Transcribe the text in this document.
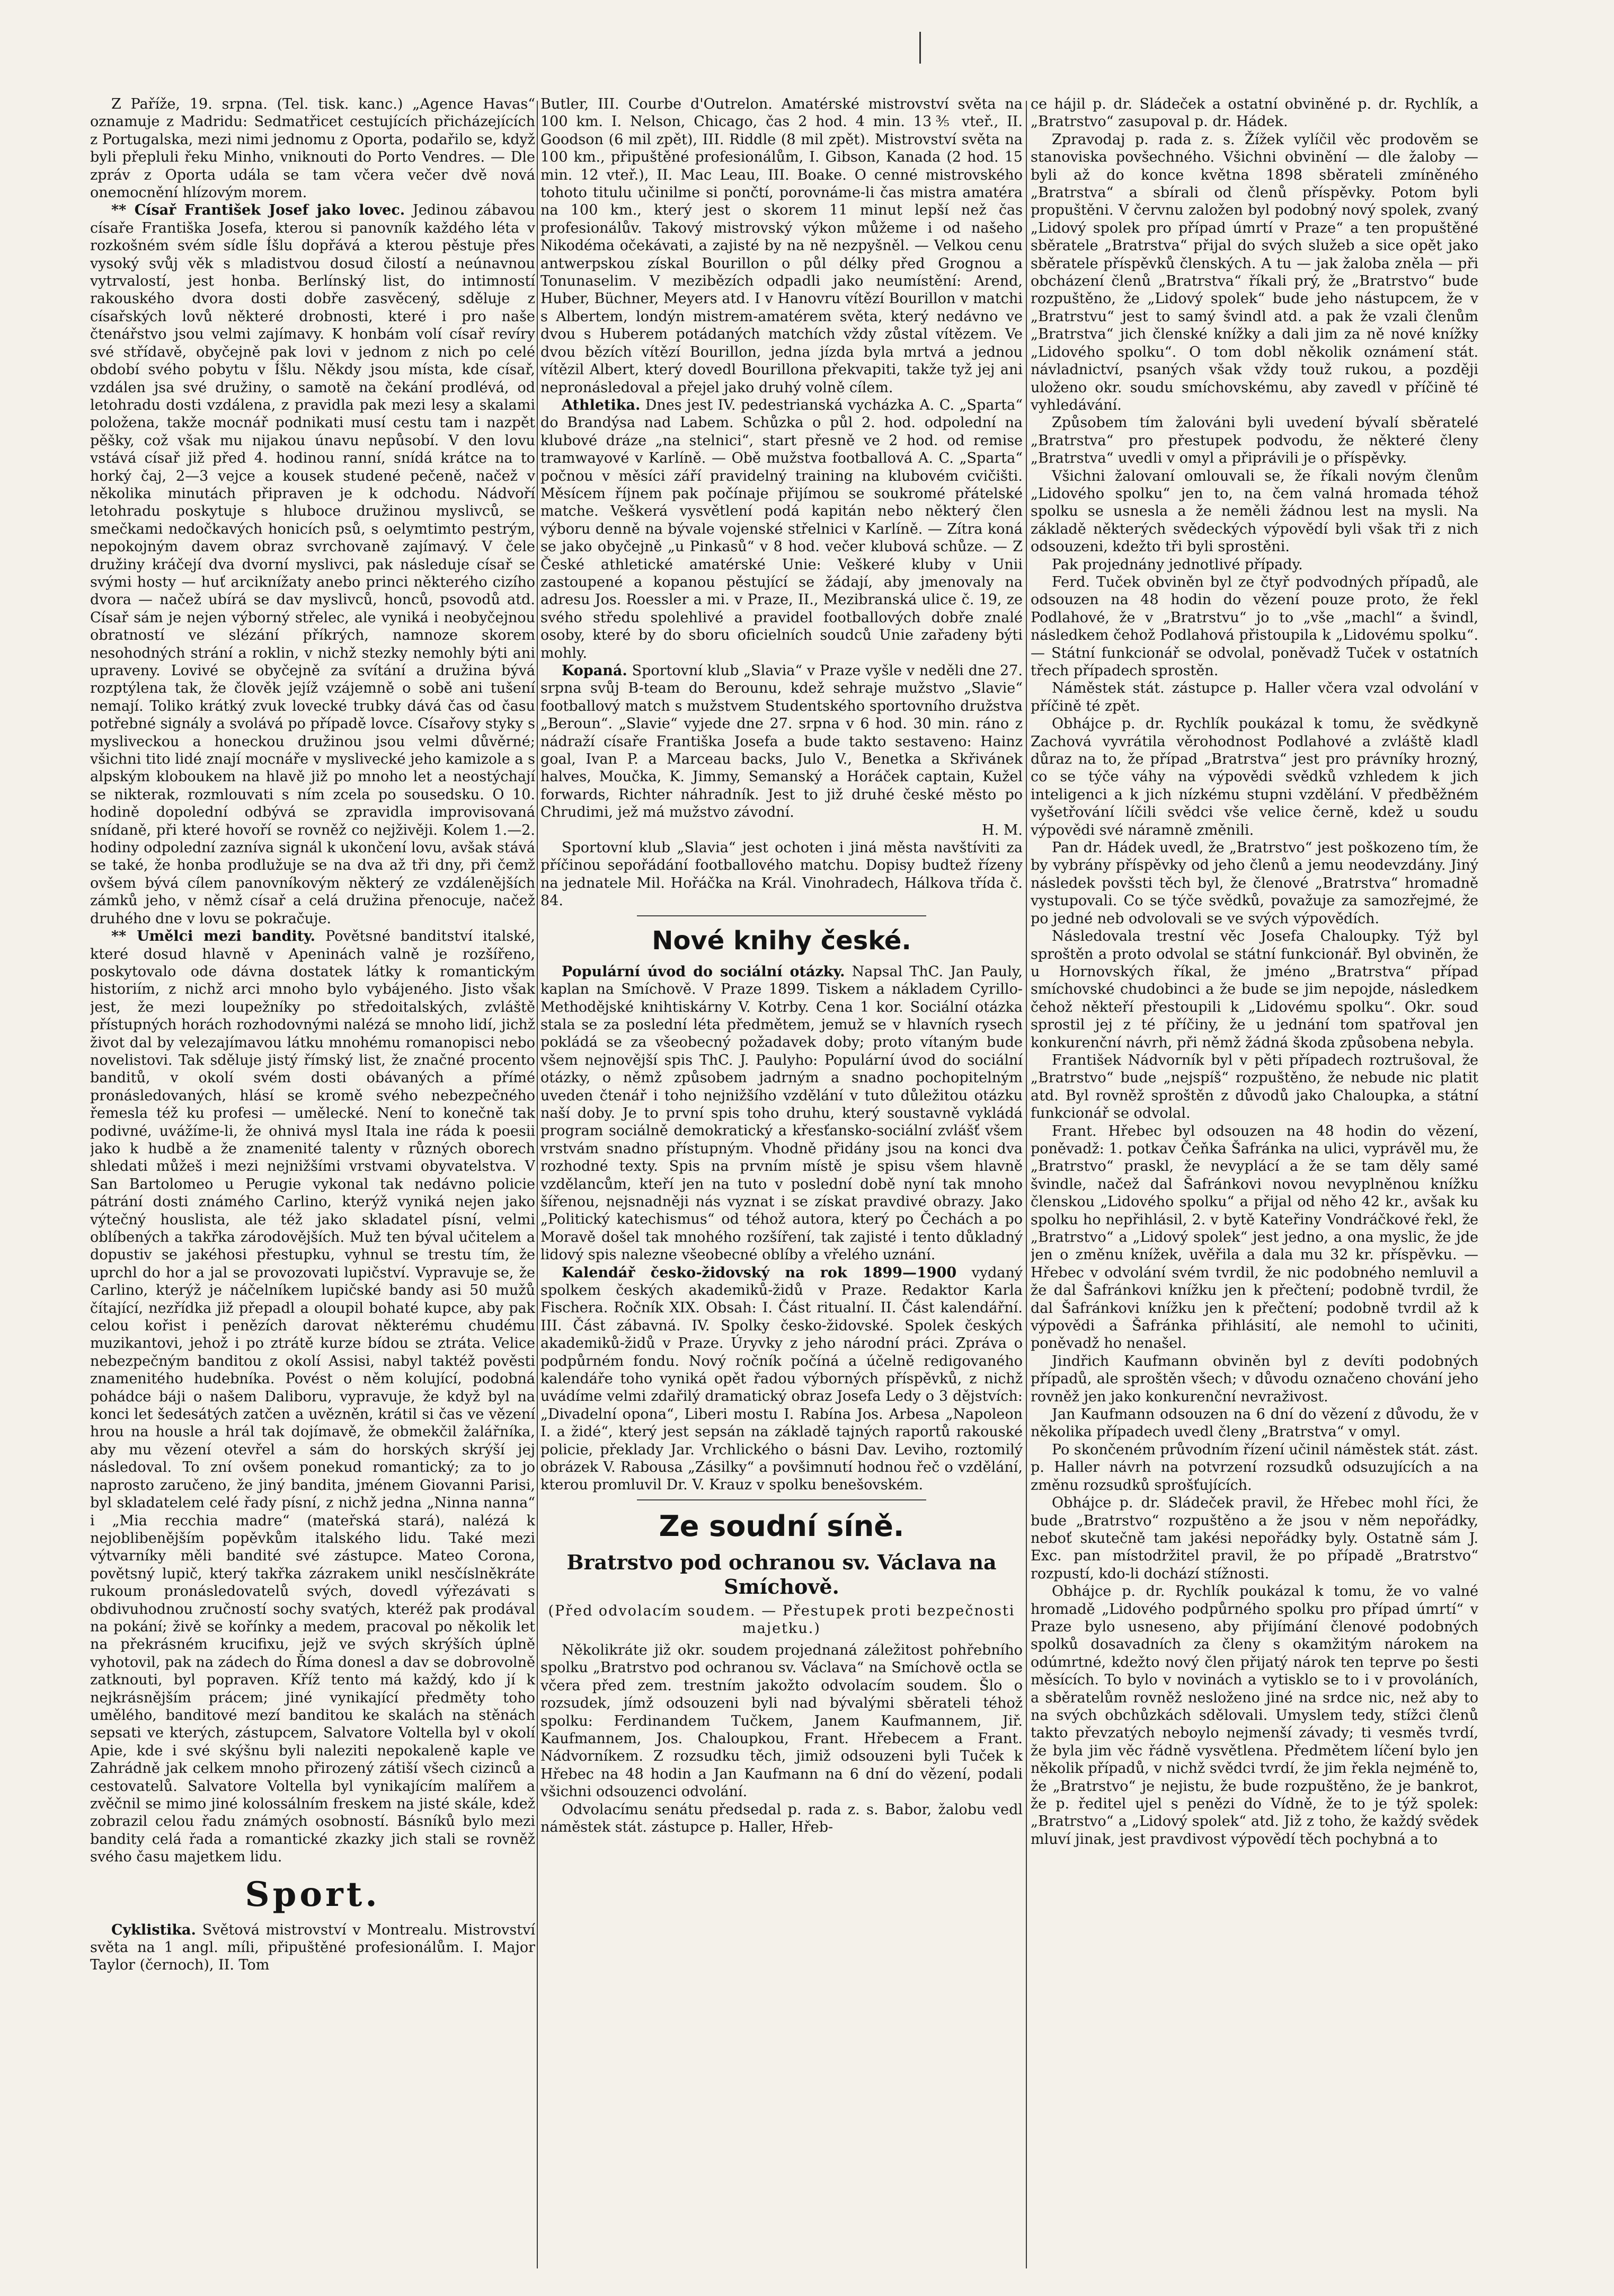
Z Paříže, 19. srpna. (Tel. tisk. kanc.) „Agence Havas“ oznamuje z Madridu: Sedmatřicet cestujících přicházejících z Portugalska, mezi nimi jednomu z Oporta, podařilo se, když byli přepluli řeku Minho, vniknouti do Porto Vendres. — Dle zpráv z Oporta udála se tam včera večer dvě nová onemocnění hlízovým morem.

** Císař František Josef jako lovec. Jedinou zábavou císaře Františka Josefa, kterou si panovník každého léta v rozkošném svém sídle Íšlu dopřává a kterou pěstuje přes vysoký svůj věk s mladistvou dosud čilostí a neúnavnou vytrvalostí, jest honba. Berlínský list, do intimností rakouského dvora dosti dobře zasvěcený, sděluje z císařských lovů některé drobnosti, které i pro naše čtenářstvo jsou velmi zajímavy. K honbám volí císař revíry své střídavě, obyčejně pak lovi v jednom z nich po celé období svého pobytu v Íšlu. Někdy jsou místa, kde císař, vzdálen jsa své družiny, o samotě na čekání prodlévá, od letohradu dosti vzdálena, z pravidla pak mezi lesy a skalami položena, takže mocnář podnikati musí cestu tam i nazpět pěšky, což však mu nijakou únavu nepůsobí. V den lovu vstává císař již před 4. hodinou ranní, snídá krátce na to horký čaj, 2—3 vejce a kousek studené pečeně, načež v několika minutách připraven je k odchodu. Nádvoří letohradu poskytuje s hluboce družinou myslivců, se smečkami nedočkavých honicích psů, s oelymtimto pestrým, nepokojným davem obraz svrchovaně zajímavý. V čele družiny kráčejí dva dvorní myslivci, pak následuje císař se svými hosty — huť arciknížaty anebo princi některého cizího dvora — načež ubírá se dav myslivců, honců, psovodů atd. Císař sám je nejen výborný střelec, ale vyniká i neobyčejnou obratností ve slézání příkrých, namnoze skorem nesohodných strání a roklin, v nichž stezky nemohly býti ani upraveny. Lovivé se obyčejně za svítání a družina bývá rozptýlena tak, že člověk jejíž vzájemně o sobě ani tušení nemají. Toliko krátký zvuk lovecké trubky dává čas od času potřebné signály a svolává po případě lovce. Císařovy styky s mysliveckou a honeckou družinou jsou velmi důvěrné; všichni tito lidé znají mocnáře v myslivecké jeho kamizole a s alpským kloboukem na hlavě již po mnoho let a neostýchají se nikterak, rozmlouvati s ním zcela po sousedsku. O 10. hodině dopolední odbývá se zpravidla improvisovaná snídaně, při které hovoří se rovněž co nejživěji. Kolem 1.—2. hodiny odpolední zazníva signál k ukončení lovu, avšak stává se také, že honba prodlužuje se na dva až tři dny, při čemž ovšem bývá cílem panovníkovým některý ze vzdálenějších zámků jeho, v němž císař a celá družina přenocuje, načež druhého dne v lovu se pokračuje.

** Umělci mezi bandity. Povětsné banditství italské, které dosud hlavně v Apeninách valně je rozšířeno, poskytovalo ode dávna dostatek látky k romantickým historiím, z nichž arci mnoho bylo vybájeného. Jisto však jest, že mezi loupežníky po středoitalských, zvláště přístupných horách rozhodovnými nalézá se mnoho lidí, jichž život dal by velezajímavou látku mnohému romanopisci nebo novelistovi. Tak sděluje jistý římský list, že značné procento banditů, v okolí svém dosti obávaných a přímé pronásledovaných, hlásí se kromě svého nebezpečného řemesla též ku profesi — umělecké. Není to konečně tak podivné, uvážíme-li, že ohnivá mysl Itala ine ráda k poesii jako k hudbě a že znamenité talenty v různých oborech shledati můžeš i mezi nejnižšími vrstvami obyvatelstva. V San Bartolomeo u Perugie vykonal tak nedávno policie pátrání dosti známého Carlino, kterýž vyniká nejen jako výtečný houslista, ale též jako skladatel písní, velmi oblíbených a takřka zárodovějších. Muž ten býval učitelem a dopustiv se jakéhosi přestupku, vyhnul se trestu tím, že uprchl do hor a jal se provozovati lupičství. Vypravuje se, že Carlino, kterýž je náčelníkem lupičské bandy asi 50 mužů čítající, nezřídka již přepadl a oloupil bohaté kupce, aby pak celou kořist i penězích darovat některému chudému muzikantovi, jehož i po ztrátě kurze bídou se ztráta. Velice nebezpečným banditou z okolí Assisi, nabyl taktéž pověsti znamenitého hudebníka. Povést o něm kolující, podobná pohádce báji o našem Daliboru, vypravuje, že když byl na konci let šedesátých zatčen a uvězněn, krátil si čas ve vězení hrou na housle a hrál tak dojímavě, že obmekčil žalářníka, aby mu vězení otevřel a sám do horských skrýší jej následoval. To zní ovšem ponekud romantický; za to jo naprosto zaručeno, že jiný bandita, jménem Giovanni Parisi, byl skladatelem celé řady písní, z nichž jedna „Ninna nanna“ i „Mia recchia madre“ (mateřská stará), nalézá k nejoblibenějším popěvkům italského lidu. Také mezi výtvarníky měli bandité své zástupce. Mateo Corona, povětsný lupič, který takřka zázrakem unikl nesčíslněkráte rukoum pronásledovatelů svých, dovedl výřezávati s obdivuhodnou zručností sochy svatých, kteréž pak prodával na pokání; živě se kořínky a medem, pracoval po několik let na překrásném krucifixu, jejž ve svých skrýších úplně vyhotovil, pak na zádech do Říma donesl a dav se dobrovolně zatknouti, byl popraven. Kříž tento má každý, kdo jí k nejkrásnějším prácem; jiné vynikající předměty toho umělého, banditové mezí banditou ke skalách na stěnách sepsati ve kterých, zástupcem, Salvatore Voltella byl v okolí Apie, kde i své skýšnu byli naleziti nepokaleně kaple ve Zahrádně jak celkem mnoho přirozený zátiší všech cizinců a cestovatelů. Salvatore Voltella byl vynikajícím malířem a zvěčnil se mimo jiné kolossálním freskem na jisté skále, kdež zobrazil celou řadu známých osobností. Básníků bylo mezi bandity celá řada a romantické zkazky jich stali se rovněž svého času majetkem lidu.

Sport.

Cyklistika. Světová mistrovství v Montrealu. Mistrovství světa na 1 angl. míli, připuštěné profesionálům. I. Major Taylor (černoch), II. Tom

Butler, III. Courbe d'Outrelon. Amatérské mistrovství světa na 100 km. I. Nelson, Chicago, čas 2 hod. 4 min. 13⅗ vteř., II. Goodson (6 mil zpět), III. Riddle (8 mil zpět). Mistrovství světa na 100 km., připuštěné profesionálům, I. Gibson, Kanada (2 hod. 15 min. 12 vteř.), II. Mac Leau, III. Boake. O cenné mistrovského tohoto titulu učinilme si pončtí, porovnáme-li čas mistra amatéra na 100 km., který jest o skorem 11 minut lepší než čas profesionálův. Takový mistrovský výkon můžeme i od našeho Nikodéma očekávati, a zajisté by na ně nezpyšněl. — Velkou cenu antwerpskou získal Bourillon o půl délky před Grognou a Tonunaselim. V mezibězích odpadli jako neumístění: Arend, Huber, Büchner, Meyers atd. I v Hanovru vítězí Bourillon v matchi s Albertem, londýn mistrem-amatérem světa, který nedávno ve dvou s Huberem potádaných matchích vždy zůstal vítězem. Ve dvou bězích vítězí Bourillon, jedna jízda byla mrtvá a jednou vítězil Albert, který dovedl Bourillona překvapiti, takže tyž jej ani nepronásledoval a přejel jako druhý volně cílem.

Athletika. Dnes jest IV. pedestrianská vycházka A. C. „Sparta“ do Brandýsa nad Labem. Schůzka o půl 2. hod. odpolední na klubové dráze „na stelnici“, start přesně ve 2 hod. od remise tramwayové v Karlíně. — Obě mužstva footballová A. C. „Sparta“ počnou v měsíci září pravidelný training na klubovém cvičišti. Měsícem říjnem pak počínaje přijímou se soukromé přátelské matche. Veškerá vysvětlení podá kapitán nebo některý člen výboru denně na bývale vojenské střelnici v Karlíně. — Zítra koná se jako obyčejně „u Pinkasů“ v 8 hod. večer klubová schůze. — Z České athletické amatérské Unie: Veškeré kluby v Unii zastoupené a kopanou pěstující se žádají, aby jmenovaly na adresu Jos. Roessler a mi. v Praze, II., Mezibranská ulice č. 19, ze svého středu spolehlivé a pravidel footballových dobře znalé osoby, které by do sboru oficielních soudců Unie zařadeny býti mohly.

Kopaná. Sportovní klub „Slavia“ v Praze vyšle v neděli dne 27. srpna svůj B-team do Berounu, kdež sehraje mužstvo „Slavie“ footballový match s mužstvem Studentského sportovního družstva „Beroun“. „Slavie“ vyjede dne 27. srpna v 6 hod. 30 min. ráno z nádraží císaře Františka Josefa a bude takto sestaveno: Hainz goal, Ivan P. a Marceau backs, Julo V., Benetka a Skřivánek halves, Moučka, K. Jimmy, Semanský a Horáček captain, Kužel forwards, Richter náhradník. Jest to již druhé české město po Chrudimi, jež má mužstvo závodní.

H. M.

Sportovní klub „Slavia“ jest ochoten i jiná města navštíviti za příčinou sepořádání footballového matchu. Dopisy budtež řízeny na jednatele Mil. Hořáčka na Král. Vinohradech, Hálkova třída č. 84.

Nové knihy české.

Populární úvod do sociální otázky. Napsal ThC. Jan Pauly, kaplan na Smíchově. V Praze 1899. Tiskem a nákladem Cyrillo-Methodějské knihtiskárny V. Kotrby. Cena 1 kor. Sociální otázka stala se za poslední léta předmětem, jemuž se v hlavních rysech pokládá se za všeobecný požadavek doby; proto vítaným bude všem nejnovější spis ThC. J. Paulyho: Populární úvod do sociální otázky, o němž způsobem jadrným a snadno pochopitelným uveden čtenář i toho nejnižšího vzdělání v tuto důležitou otázku naší doby. Je to první spis toho druhu, který soustavně vykládá program sociálně demokratický a křesťansko-sociální zvlášť všem vrstvám snadno přístupným. Vhodně přidány jsou na konci dva rozhodné texty. Spis na prvním místě je spisu všem hlavně vzdělancům, kteří jen na tuto v poslední době nyní tak mnoho šířenou, nejsnadněji nás vyznat i se získat pravdivé obrazy. Jako „Politický katechismus“ od téhož autora, který po Čechách a po Moravě došel tak mnohého rozšíření, tak zajisté i tento důkladný lidový spis nalezne všeobecné oblíby a vřelého uznání.

Kalendář česko-židovský na rok 1899—1900 vydaný spolkem českých akademiků-židů v Praze. Redaktor Karla Fischera. Ročník XIX. Obsah: I. Část ritualní. II. Část kalendářní. III. Část zábavná. IV. Spolky česko-židovské. Spolek českých akademiků-židů v Praze. Úryvky z jeho národní práci. Zpráva o podpůrném fondu. Nový ročník počíná a účelně redigovaného kalendáře toho vyniká opět řadou výborných příspěvků, z nichž uvádíme velmi zdařilý dramatický obraz Josefa Ledy o 3 dějstvích: „Divadelní opona“, Liberi mostu I. Rabína Jos. Arbesa „Napoleon I. a židé“, který jest sepsán na základě tajných raportů rakouské policie, překlady Jar. Vrchlického o básni Dav. Leviho, roztomilý obrázek V. Rabousa „Zásilky“ a povšimnutí hodnou řeč o vzdělání, kterou promluvil Dr. V. Krauz v spolku benešovském.

Ze soudní síně.
Bratrstvo pod ochranou sv. Václava na Smíchově.
(Před odvolacím soudem. — Přestupek proti bezpečnosti majetku.)

Několikráte již okr. soudem projednaná záležitost pohřebního spolku „Bratrstvo pod ochranou sv. Václava“ na Smíchově octla se včera před zem. trestním jakožto odvolacím soudem. Šlo o rozsudek, jímž odsouzeni byli nad bývalými sběrateli téhož spolku: Ferdinandem Tučkem, Janem Kaufmannem, Jiř. Kaufmannem, Jos. Chaloupkou, Frant. Hřebecem a Frant. Nádvorníkem. Z rozsudku těch, jimiž odsouzeni byli Tuček k Hřebec na 48 hodin a Jan Kaufmann na 6 dní do vězení, podali všichni odsouzenci odvolání.

Odvolacímu senátu předsedal p. rada z. s. Babor, žalobu vedl náměstek stát. zástupce p. Haller, Hřeb-

ce hájil p. dr. Sládeček a ostatní obviněné p. dr. Rychlík, a „Bratrstvo“ zasupoval p. dr. Hádek.

Zpravodaj p. rada z. s. Žížek vylíčil věc prodověm se stanoviska povšechného. Všichni obvinění — dle žaloby — byli až do konce května 1898 sběrateli zmíněného „Bratrstva“ a sbírali od členů příspěvky. Potom byli propuštěni. V červnu založen byl podobný nový spolek, zvaný „Lidový spolek pro případ úmrtí v Praze“ a ten propuštěné sběratele „Bratrstva“ přijal do svých služeb a sice opět jako sběratele příspěvků členských. A tu — jak žaloba zněla — při obcházení členů „Bratrstva“ říkali prý, že „Bratrstvo“ bude rozpuštěno, že „Lidový spolek“ bude jeho nástupcem, že v „Bratrstvu“ jest to samý švindl atd. a pak že vzali členům „Bratrstva“ jich členské knížky a dali jim za ně nové knížky „Lidového spolku“. O tom dobl několik oznámení stát. návladnictví, psaných však vždy touž rukou, a později uloženo okr. soudu smíchovskému, aby zavedl v příčině té vyhledávání.

Způsobem tím žalováni byli uvedení bývalí sběratelé „Bratrstva“ pro přestupek podvodu, že některé členy „Bratrstva“ uvedli v omyl a připrávili je o příspěvky.

Všichni žalovaní omlouvali se, že říkali novým členům „Lidového spolku“ jen to, na čem valná hromada téhož spolku se usnesla a že neměli žádnou lest na mysli. Na základě některých svědeckých výpovědí byli však tři z nich odsouzeni, kdežto tři byli sprostěni.

Pak projednány jednotlivé případy.

Ferd. Tuček obviněn byl ze čtyř podvodných případů, ale odsouzen na 48 hodin do vězení pouze proto, že řekl Podlahové, že v „Bratrstvu“ jo to „vše „machl“ a švindl, následkem čehož Podlahová přistoupila k „Lidovému spolku“. — Státní funkcionář se odvolal, poněvadž Tuček v ostatních třech případech sprostěn.

Náměstek stát. zástupce p. Haller včera vzal odvolání v příčině té zpět.

Obhájce p. dr. Rychlík poukázal k tomu, že svědkyně Zachová vyvrátila věrohodnost Podlahové a zvláště kladl důraz na to, že případ „Bratrstva“ jest pro právníky hrozný, co se týče váhy na výpovědi svědků vzhledem k jich inteligenci a k jich nízkému stupni vzdělání. V předběžném vyšetřování líčili svědci vše velice černě, kdež u soudu výpovědi své náramně změnili.

Pan dr. Hádek uvedl, že „Bratrstvo“ jest poškozeno tím, že by vybrány příspěvky od jeho členů a jemu neodevzdány. Jiný následek povšsti těch byl, že členové „Bratrstva“ hromadně vystupovali. Co se týče svědků, považuje za samozřejmé, že po jedné neb odvolovali se ve svých výpovědích.

Následovala trestní věc Josefa Chaloupky. Týž byl sproštěn a proto odvolal se státní funkcionář. Byl obviněn, že u Hornovských říkal, že jméno „Bratrstva“ případ smíchovské chudobinci a že bude se jim nepojde, následkem čehož někteří přestoupili k „Lidovému spolku“. Okr. soud sprostil jej z té příčiny, že u jednání tom spatřoval jen konkurenční návrh, při němž žádná škoda způsobena nebyla.

František Nádvorník byl v pěti případech roztrušoval, že „Bratrstvo“ bude „nejspíš“ rozpuštěno, že nebude nic platit atd. Byl rovněž sproštěn z důvodů jako Chaloupka, a státní funkcionář se odvolal.

Frant. Hřebec byl odsouzen na 48 hodin do vězení, poněvadž: 1. potkav Čeňka Šafránka na ulici, vyprávěl mu, že „Bratrstvo“ praskl, že nevyplácí a že se tam děly samé švindle, načež dal Šafránkovi novou nevyplněnou knížku členskou „Lidového spolku“ a přijal od něho 42 kr., avšak ku spolku ho nepřihlásil, 2. v bytě Kateřiny Vondráčkové řekl, že „Bratrstvo“ a „Lidový spolek“ jest jedno, a ona myslic, že jde jen o změnu knížek, uvěřila a dala mu 32 kr. příspěvku. — Hřebec v odvolání svém tvrdil, že nic podobného nemluvil a že dal Šafránkovi knížku jen k přečtení; podobně tvrdil, že dal Šafránkovi knížku jen k přečtení; podobně tvrdil až k výpovědi a Šafránka přihlásití, ale nemohl to učiniti, poněvadž ho nenašel.

Jindřich Kaufmann obviněn byl z devíti podobných případů, ale sproštěn všech; v důvodu označeno chování jeho rovněž jen jako konkurenční nevraživost.

Jan Kaufmann odsouzen na 6 dní do vězení z důvodu, že v několika případech uvedl členy „Bratrstva“ v omyl.

Po skončeném průvodním řízení učinil náměstek stát. zást. p. Haller návrh na potvrzení rozsudků odsuzujících a na změnu rozsudků sprošťujících.

Obhájce p. dr. Sládeček pravil, že Hřebec mohl říci, že bude „Bratrstvo“ rozpuštěno a že jsou v něm nepořádky, neboť skutečně tam jakési nepořádky byly. Ostatně sám J. Exc. pan místodržitel pravil, že po případě „Bratrstvo“ rozpustí, kdo-li dochází stížnosti.

Obhájce p. dr. Rychlík poukázal k tomu, že vo valné hromadě „Lidového podpůrného spolku pro případ úmrtí“ v Praze bylo usneseno, aby přijímání členové podobných spolků dosavadních za členy s okamžitým nárokem na odúmrtné, kdežto nový člen přijatý nárok ten teprve po šesti měsících. To bylo v novinách a vytisklo se to i v provoláních, a sběratelům rovněž nesloženo jiné na srdce nic, než aby to na svých obchůzkách sdělovali. Umyslem tedy, stížci členů takto převzatých neboylo nejmenší závady; ti vesměs tvrdí, že byla jim věc řádně vysvětlena. Předmětem líčení bylo jen několik případů, v nichž svědci tvrdí, že jim řekla nejméně to, že „Bratrstvo“ je nejistu, že bude rozpuštěno, že je bankrot, že p. ředitel ujel s penězi do Vídně, že to je týž spolek: „Bratrstvo“ a „Lidový spolek“ atd. Již z toho, že každý svědek mluví jinak, jest pravdivost výpovědí těch pochybná a to
